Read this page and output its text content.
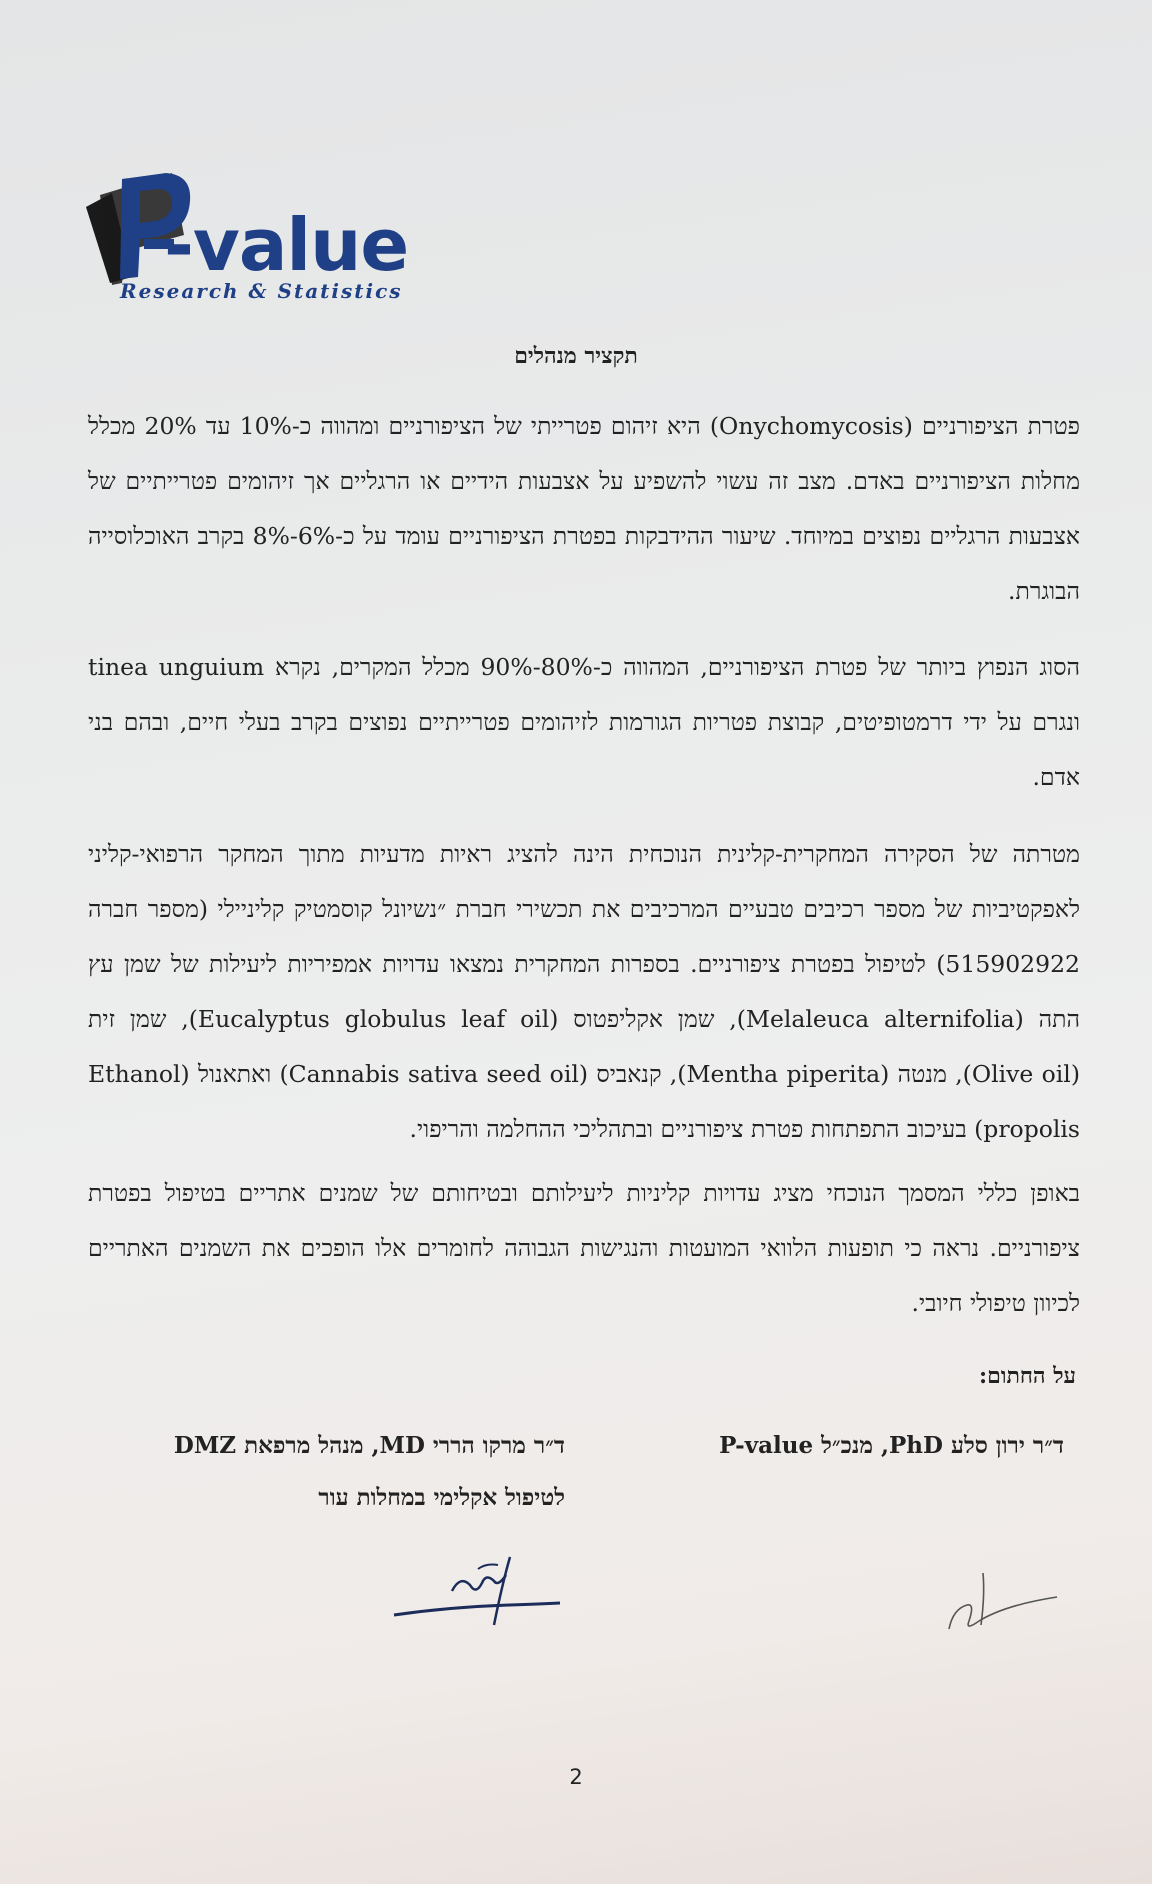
-value
Research & Statistics
תקציר מנהלים

פטרת הציפורניים (Onychomycosis) היא זיהום פטרייתי של הציפורניים ומהווה כ-10% עד 20% מכלל מחלות הציפורניים באדם. מצב זה עשוי להשפיע על אצבעות הידיים או הרגליים אך זיהומים פטרייתיים של אצבעות הרגליים נפוצים במיוחד. שיעור ההידבקות בפטרת הציפורניים עומד על כ-6%-8% בקרב האוכלוסייה הבוגרת.

הסוג הנפוץ ביותר של פטרת הציפורניים, המהווה כ-80%-90% מכלל המקרים, נקרא tinea unguium ונגרם על ידי דרמטופיטים, קבוצת פטריות הגורמות לזיהומים פטרייתיים נפוצים בקרב בעלי חיים, ובהם בני אדם.

מטרתה של הסקירה המחקרית-קלינית הנוכחית הינה להציג ראיות מדעיות מתוך המחקר הרפואי-קליני לאפקטיביות של מספר רכיבים טבעיים המרכיבים את תכשירי חברת ״נשיונל קוסמטיק קליניילי (מספר חברה 515902922) לטיפול בפטרת ציפורניים. בספרות המחקרית נמצאו עדויות אמפיריות ליעילות של שמן עץ התה (Melaleuca alternifolia), שמן אקליפטוס (Eucalyptus globulus leaf oil), שמן זית (Olive oil), מנטה (Mentha piperita), קנאביס (Cannabis sativa seed oil) ואתאנול (Ethanol propolis) בעיכוב התפתחות פטרת ציפורניים ובתהליכי ההחלמה והריפוי.

באופן כללי המסמך הנוכחי מציג עדויות קליניות ליעילותם ובטיחותם של שמנים אתריים בטיפול בפטרת ציפורניים. נראה כי תופעות הלוואי המועטות והנגישות הגבוהה לחומרים אלו הופכים את השמנים האתריים לכיוון טיפולי חיובי.

על החתום:
ד״ר ירון סלע PhD, מנכ״ל P-value
ד״ר מרקו הררי MD, מנהל מרפאת DMZ
לטיפול אקלימי במחלות עור
2
